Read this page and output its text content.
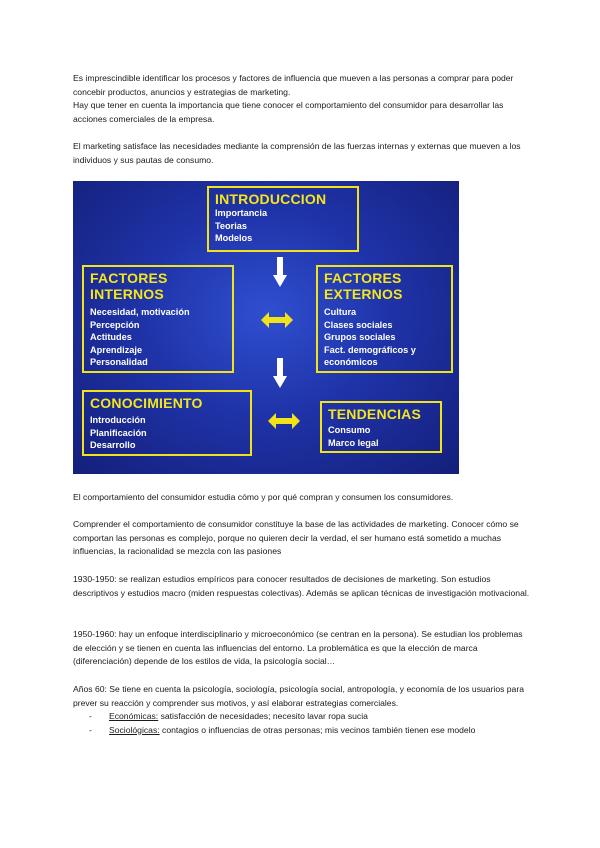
Es imprescindible identificar los procesos y factores de influencia que mueven a las personas a comprar para poder concebir productos, anuncios y estrategias de marketing.

Hay que tener en cuenta la importancia que tiene conocer el comportamiento del consumidor para desarrollar las acciones comerciales de la empresa.

El marketing satisface las necesidades mediante la comprensión de las fuerzas internas y externas que mueven a los individuos y sus pautas de consumo.

INTRODUCCION
Importancia
Teorias
Modelos
FACTORES
INTERNOS
Necesidad, motivación
Percepción
Actitudes
Aprendizaje
Personalidad
FACTORES
EXTERNOS
Cultura
Clases sociales
Grupos sociales
Fact. demográficos y
económicos
CONOCIMIENTO
Introducción
Planificación
Desarrollo
TENDENCIAS
Consumo
Marco legal

El comportamiento del consumidor estudia cómo y por qué compran y consumen los consumidores.

Comprender el comportamiento de consumidor constituye la base de las actividades de marketing. Conocer cómo se comportan las personas es complejo, porque no quieren decir la verdad, el ser humano está sometido a muchas influencias, la racionalidad se mezcla con las pasiones

1930-1950: se realizan estudios empíricos para conocer resultados de decisiones de marketing. Son estudios descriptivos y estudios macro (miden respuestas colectivas). Además se aplican técnicas de investigación motivacional.

1950-1960: hay un enfoque interdisciplinario y microeconómico (se centran en la persona). Se estudian los problemas de elección y se tienen en cuenta las influencias del entorno. La problemática es que la elección de marca (diferenciación) depende de los estilos de vida, la psicología social…

Años 60: Se tiene en cuenta la psicología, sociología, psicología social, antropología, y economía de los usuarios para prever su reacción y comprender sus motivos, y así elaborar estrategias comerciales.

- Económicas: satisfacción de necesidades; necesito lavar ropa sucia
- Sociológicas: contagios o influencias de otras personas; mis vecinos también tienen ese modelo
